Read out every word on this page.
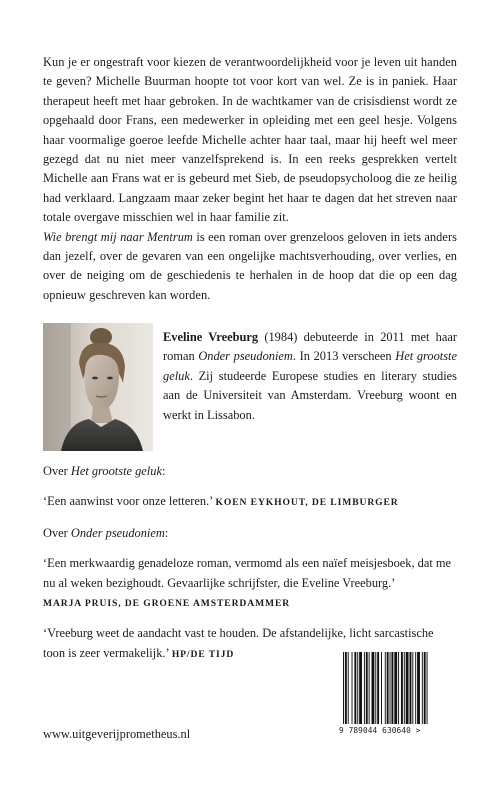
Kun je er ongestraft voor kiezen de verantwoordelijkheid voor je leven uit handen te geven? Michelle Buurman hoopte tot voor kort van wel. Ze is in paniek. Haar therapeut heeft met haar gebroken. In de wachtkamer van de crisisdienst wordt ze opgehaald door Frans, een medewerker in opleiding met een geel hesje. Volgens haar voormalige goeroe leefde Michelle achter haar taal, maar hij heeft wel meer gezegd dat nu niet meer vanzelfsprekend is. In een reeks gesprekken vertelt Michelle aan Frans wat er is gebeurd met Sieb, de pseudopsycholoog die ze heilig had verklaard. Langzaam maar zeker begint het haar te dagen dat het streven naar totale overgave misschien wel in haar familie zit.

Wie brengt mij naar Mentrum is een roman over grenzeloos geloven in iets anders dan jezelf, over de gevaren van een ongelijke machtsverhouding, over verlies, en over de neiging om de geschiedenis te herhalen in de hoop dat die op een dag opnieuw geschreven kan worden.

Eveline Vreeburg (1984) debuteerde in 2011 met haar roman Onder pseudoniem. In 2013 verscheen Het grootste geluk. Zij studeerde Europese studies en literary studies aan de Universiteit van Amsterdam. Vreeburg woont en werkt in Lissabon.

Over Het grootste geluk:

‘Een aanwinst voor onze letteren.’ KOEN EYKHOUT, DE LIMBURGER

Over Onder pseudoniem:

‘Een merkwaardig genadeloze roman, vermomd als een naïef meisjesboek, dat me nu al weken bezighoudt. Gevaarlijke schrijfster, die Eveline Vreeburg.’

MARJA PRUIS, DE GROENE AMSTERDAMMER

‘Vreeburg weet de aandacht vast te houden. De afstandelijke, licht sarcastische toon is zeer vermakelijk.’ HP/DE TIJD

9 789044 630640 >
www.uitgeverijprometheus.nl
